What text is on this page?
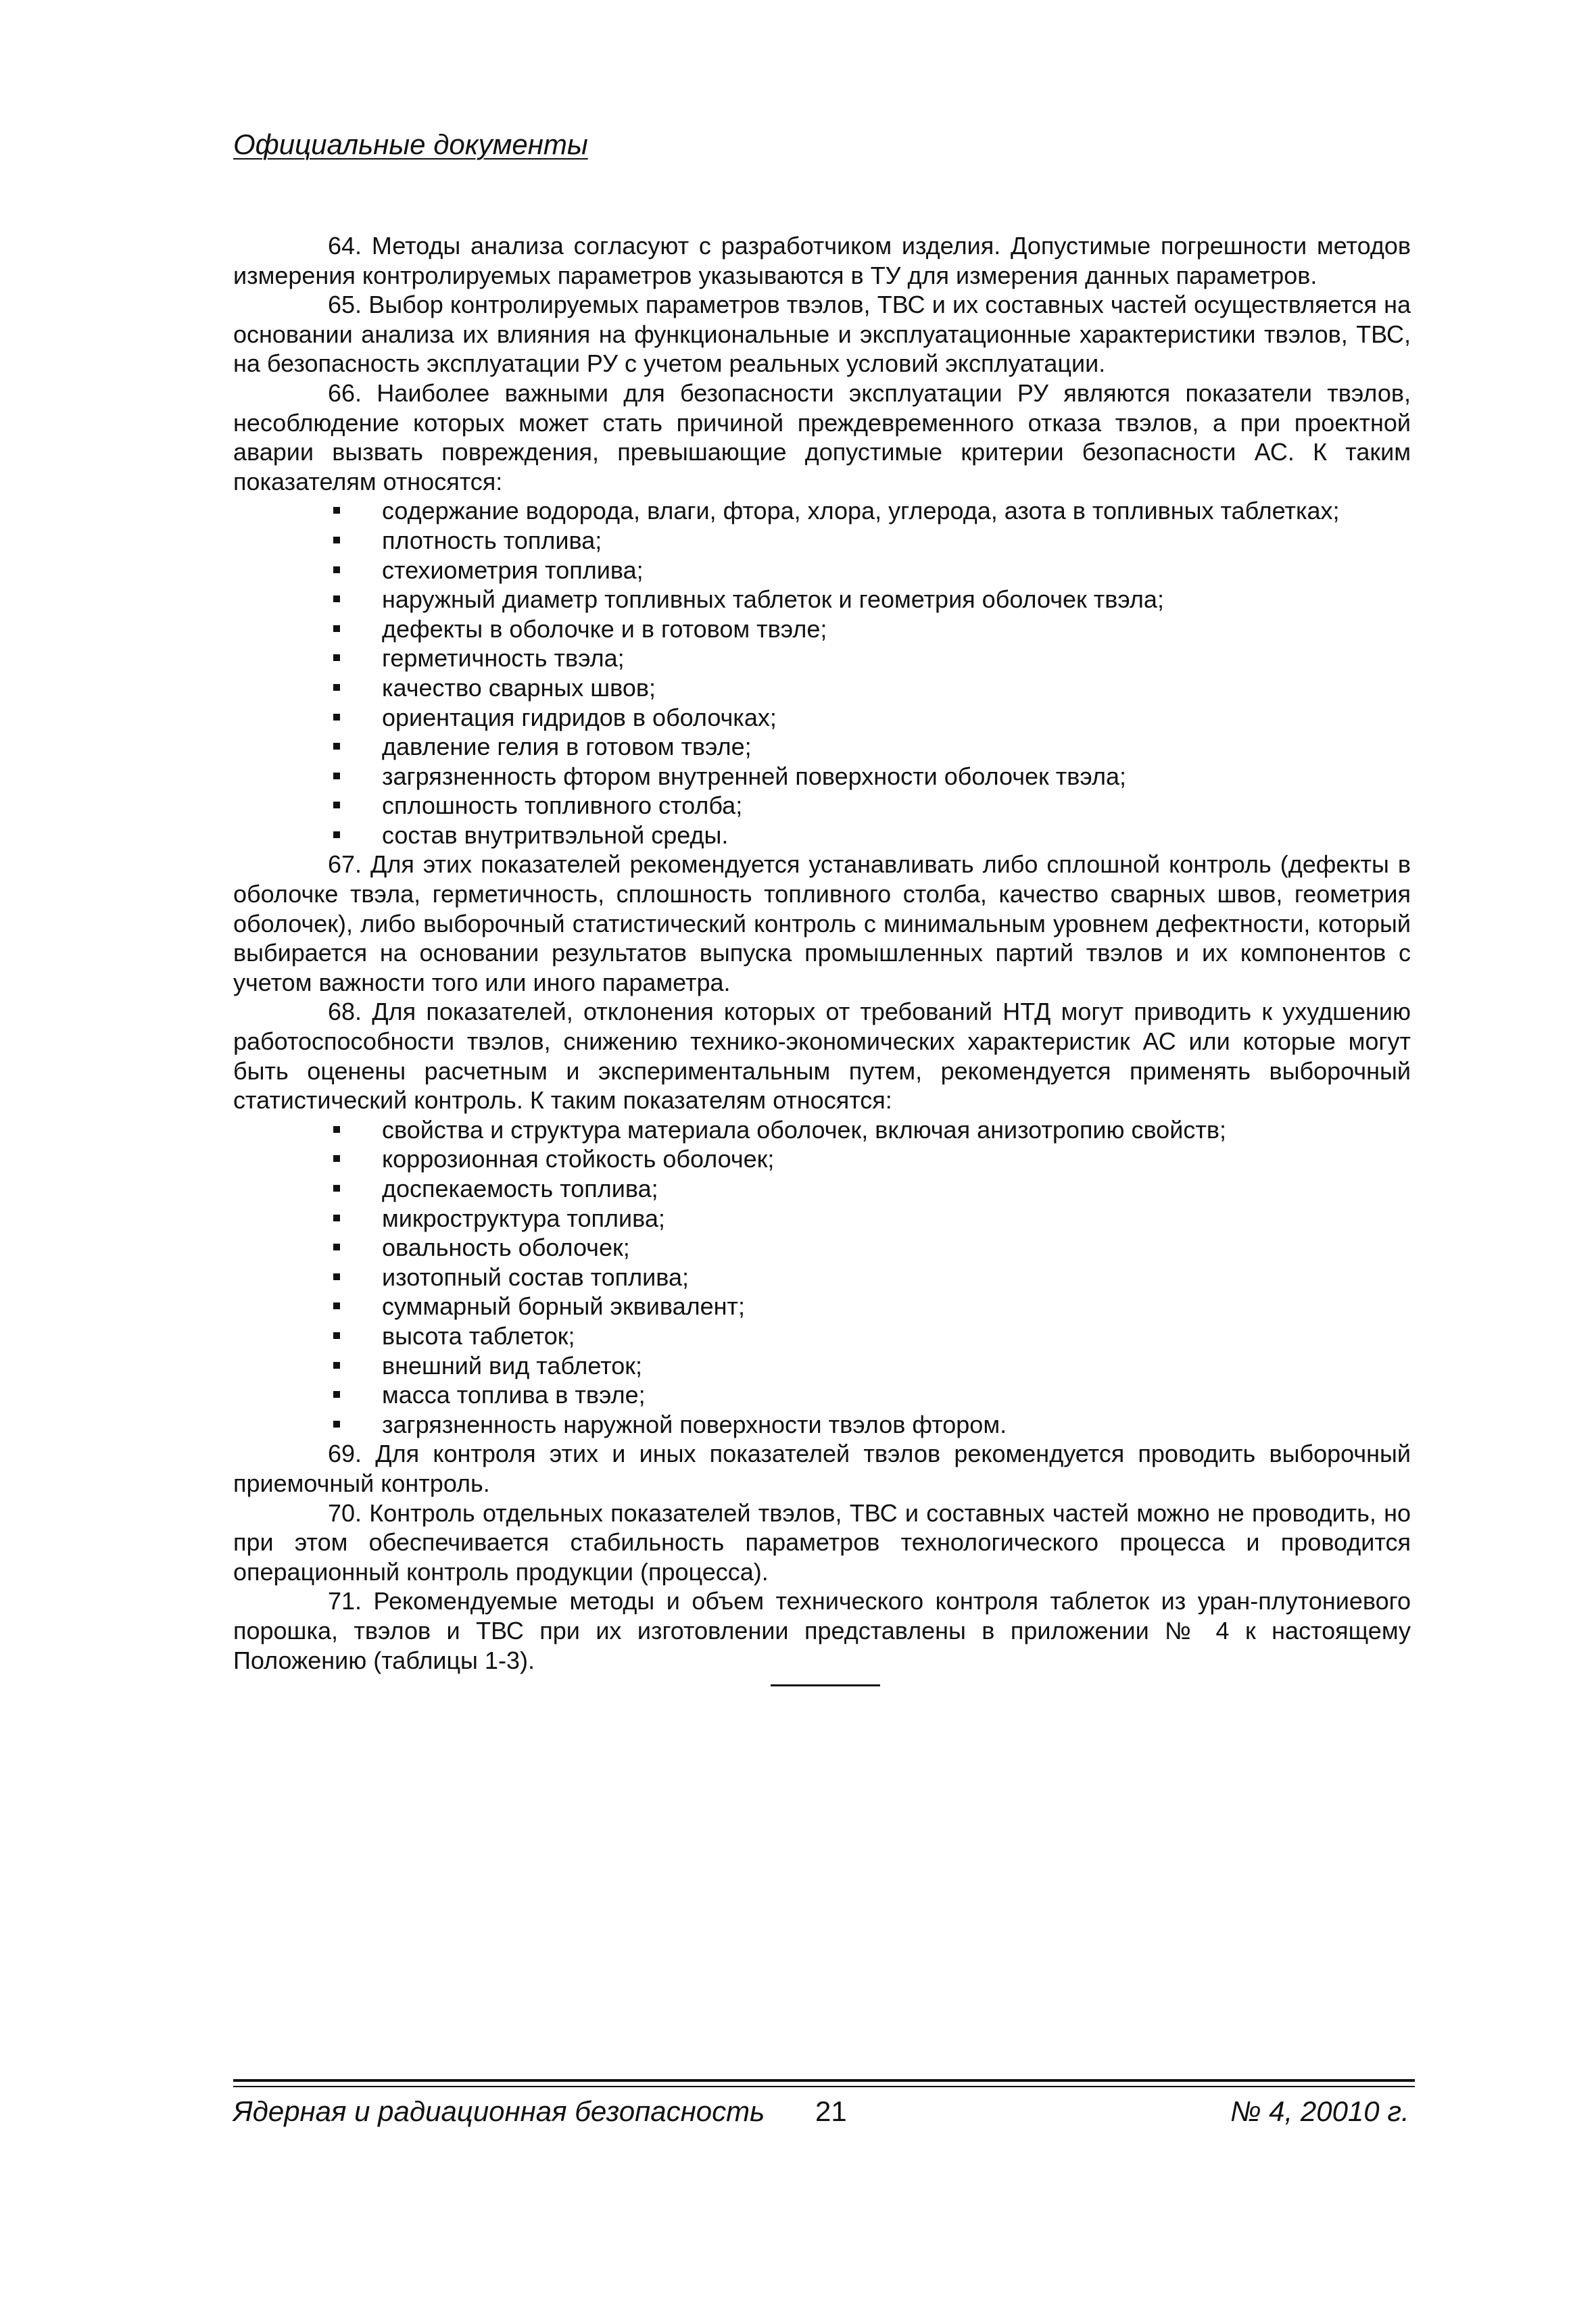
Официальные документы

64. Методы анализа согласуют с разработчиком изделия. Допустимые погрешности методов измерения контролируемых параметров указываются в ТУ для измерения данных параметров.

65. Выбор контролируемых параметров твэлов, ТВС и их составных частей осуществляется на основании анализа их влияния на функциональные и эксплуатационные характеристики твэлов, ТВС, на безопасность эксплуатации РУ с учетом реальных условий эксплуатации.

66. Наиболее важными для безопасности эксплуатации РУ являются показатели твэлов, несоблюдение которых может стать причиной преждевременного отказа твэлов, а при проектной аварии вызвать повреждения, превышающие допустимые критерии безопасности АС. К таким показателям относятся:

содержание водорода, влаги, фтора, хлора, углерода, азота в топливных таблетках;
плотность топлива;
стехиометрия топлива;
наружный диаметр топливных таблеток и геометрия оболочек твэла;
дефекты в оболочке и в готовом твэле;
герметичность твэла;
качество сварных швов;
ориентация гидридов в оболочках;
давление гелия в готовом твэле;
загрязненность фтором внутренней поверхности оболочек твэла;
сплошность топливного столба;
состав внутритвэльной среды.

67. Для этих показателей рекомендуется устанавливать либо сплошной контроль (дефекты в оболочке твэла, герметичность, сплошность топливного столба, качество сварных швов, геометрия оболочек), либо выборочный статистический контроль с минимальным уровнем дефектности, который выбирается на основании результатов выпуска промышленных партий твэлов и их компонентов с учетом важности того или иного параметра.

68. Для показателей, отклонения которых от требований НТД могут приводить к ухудшению работоспособности твэлов, снижению технико-экономических характеристик АС или которые могут быть оценены расчетным и экспериментальным путем, рекомендуется применять выборочный статистический контроль. К таким показателям относятся:

свойства и структура материала оболочек, включая анизотропию свойств;
коррозионная стойкость оболочек;
доспекаемость топлива;
микроструктура топлива;
овальность оболочек;
изотопный состав топлива;
суммарный борный эквивалент;
высота таблеток;
внешний вид таблеток;
масса топлива в твэле;
загрязненность наружной поверхности твэлов фтором.

69. Для контроля этих и иных показателей твэлов рекомендуется проводить выборочный приемочный контроль.

70. Контроль отдельных показателей твэлов, ТВС и составных частей можно не проводить, но при этом обеспечивается стабильность параметров технологического процесса и проводится операционный контроль продукции (процесса).

71. Рекомендуемые методы и объем технического контроля таблеток из уран-плутониевого порошка, твэлов и ТВС при их изготовлении представлены в приложении № 4 к настоящему Положению (таблицы 1-3).

Ядерная и радиационная безопасность 21	№ 4, 20010 г.
